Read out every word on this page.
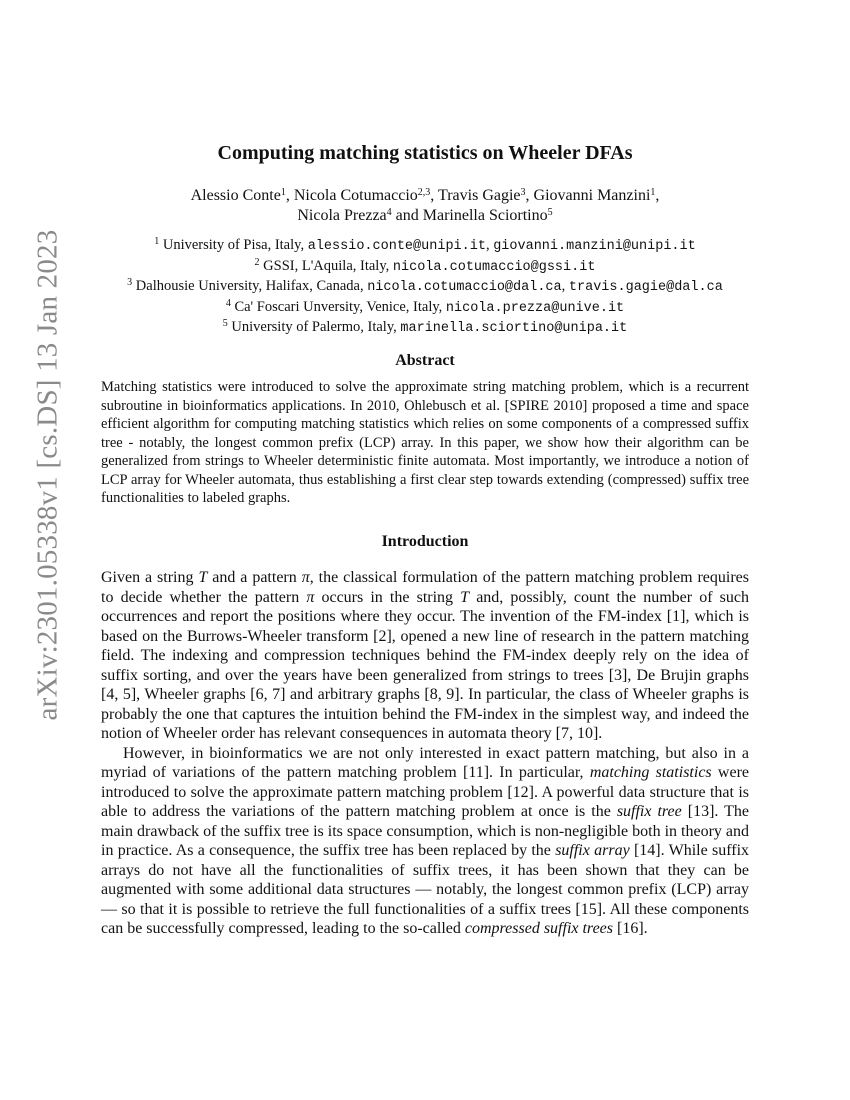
arXiv:2301.05338v1 [cs.DS] 13 Jan 2023
Computing matching statistics on Wheeler DFAs
Alessio Conte$^1$, Nicola Cotumaccio$^{2,3}$, Travis Gagie$^3$, Giovanni Manzini$^1$,
Nicola Prezza$^4$ and Marinella Sciortino$^5$
$^1$ University of Pisa, Italy, alessio.conte@unipi.it, giovanni.manzini@unipi.it
$^2$ GSSI, L'Aquila, Italy, nicola.cotumaccio@gssi.it
$^3$ Dalhousie University, Halifax, Canada, nicola.cotumaccio@dal.ca, travis.gagie@dal.ca
$^4$ Ca' Foscari Unversity, Venice, Italy, nicola.prezza@unive.it
$^5$ University of Palermo, Italy, marinella.sciortino@unipa.it
Abstract
Matching statistics were introduced to solve the approximate string matching problem, which is a recurrent subroutine in bioinformatics applications. In 2010, Ohlebusch et al. [SPIRE 2010] proposed a time and space efficient algorithm for computing matching statistics which relies on some components of a compressed suffix tree - notably, the longest common prefix (LCP) array. In this paper, we show how their algorithm can be generalized from strings to Wheeler deterministic finite automata. Most importantly, we introduce a notion of LCP array for Wheeler automata, thus establishing a first clear step towards extending (compressed) suffix tree functionalities to labeled graphs.
Introduction

Given a string T and a pattern π, the classical formulation of the pattern matching problem requires to decide whether the pattern π occurs in the string T and, possibly, count the number of such occurrences and report the positions where they occur. The invention of the FM-index [1], which is based on the Burrows-Wheeler transform [2], opened a new line of research in the pattern matching field. The indexing and compression techniques behind the FM-index deeply rely on the idea of suffix sorting, and over the years have been generalized from strings to trees [3], De Brujin graphs [4, 5], Wheeler graphs [6, 7] and arbitrary graphs [8, 9]. In particular, the class of Wheeler graphs is probably the one that captures the intuition behind the FM-index in the simplest way, and indeed the notion of Wheeler order has relevant consequences in automata theory [7, 10].

However, in bioinformatics we are not only interested in exact pattern matching, but also in a myriad of variations of the pattern matching problem [11]. In particular, matching statistics were introduced to solve the approximate pattern matching problem [12]. A powerful data structure that is able to address the variations of the pattern matching problem at once is the suffix tree [13]. The main drawback of the suffix tree is its space consumption, which is non-negligible both in theory and in practice. As a consequence, the suffix tree has been replaced by the suffix array [14]. While suffix arrays do not have all the functionalities of suffix trees, it has been shown that they can be augmented with some additional data structures — notably, the longest common prefix (LCP) array — so that it is possible to retrieve the full functionalities of a suffix trees [15]. All these components can be successfully compressed, leading to the so-called compressed suffix trees [16].
